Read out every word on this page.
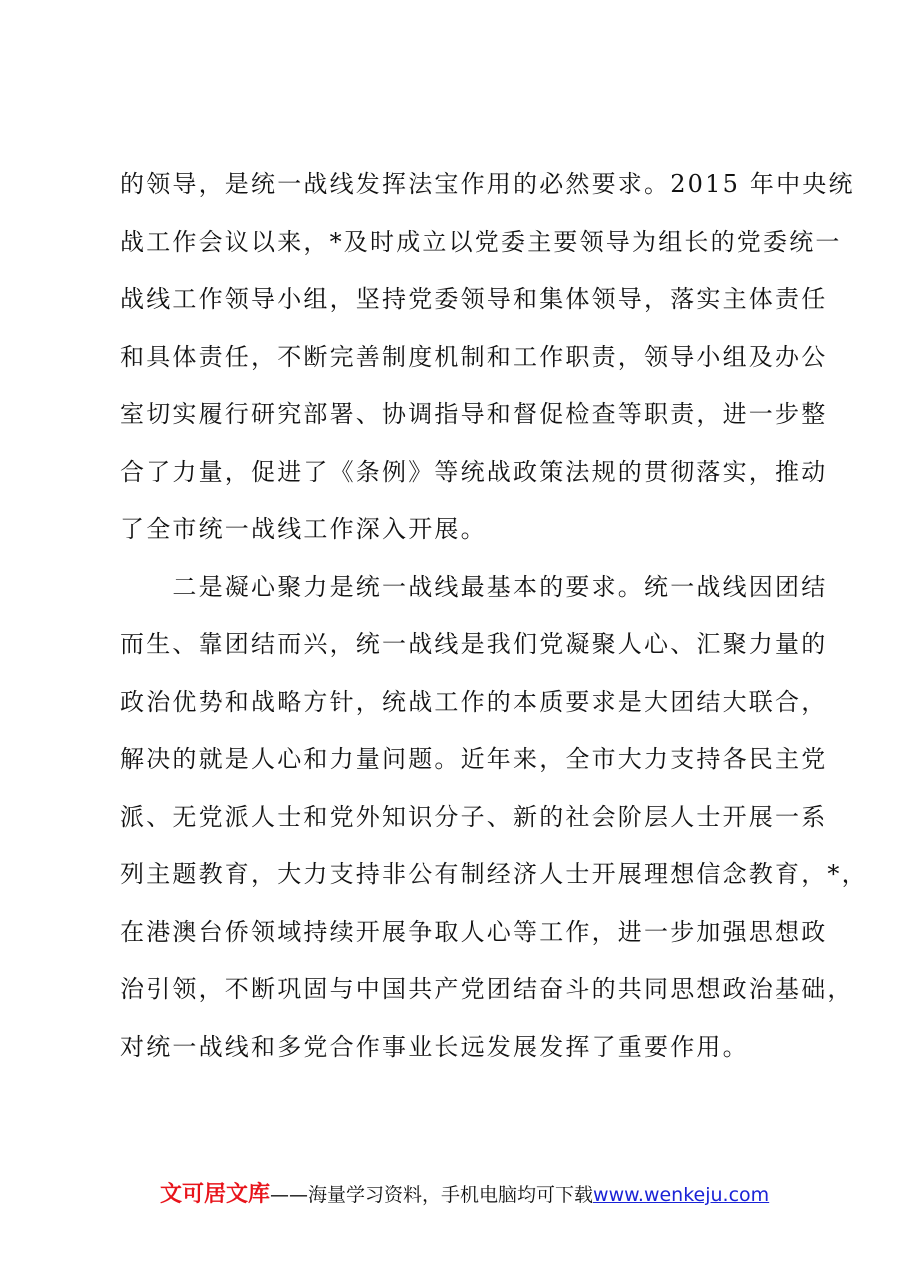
的领导，是统一战线发挥法宝作用的必然要求。2015 年中央统
战工作会议以来，*及时成立以党委主要领导为组长的党委统一
战线工作领导小组，坚持党委领导和集体领导，落实主体责任
和具体责任，不断完善制度机制和工作职责，领导小组及办公
室切实履行研究部署、协调指导和督促检查等职责，进一步整
合了力量，促进了《条例》等统战政策法规的贯彻落实，推动
了全市统一战线工作深入开展。
　　二是凝心聚力是统一战线最基本的要求。统一战线因团结
而生、靠团结而兴，统一战线是我们党凝聚人心、汇聚力量的
政治优势和战略方针，统战工作的本质要求是大团结大联合，
解决的就是人心和力量问题。近年来，全市大力支持各民主党
派、无党派人士和党外知识分子、新的社会阶层人士开展一系
列主题教育，大力支持非公有制经济人士开展理想信念教育，*，
在港澳台侨领域持续开展争取人心等工作，进一步加强思想政
治引领，不断巩固与中国共产党团结奋斗的共同思想政治基础，
对统一战线和多党合作事业长远发展发挥了重要作用。
文可居文库——海量学习资料，手机电脑均可下载www.wenkeju.com
